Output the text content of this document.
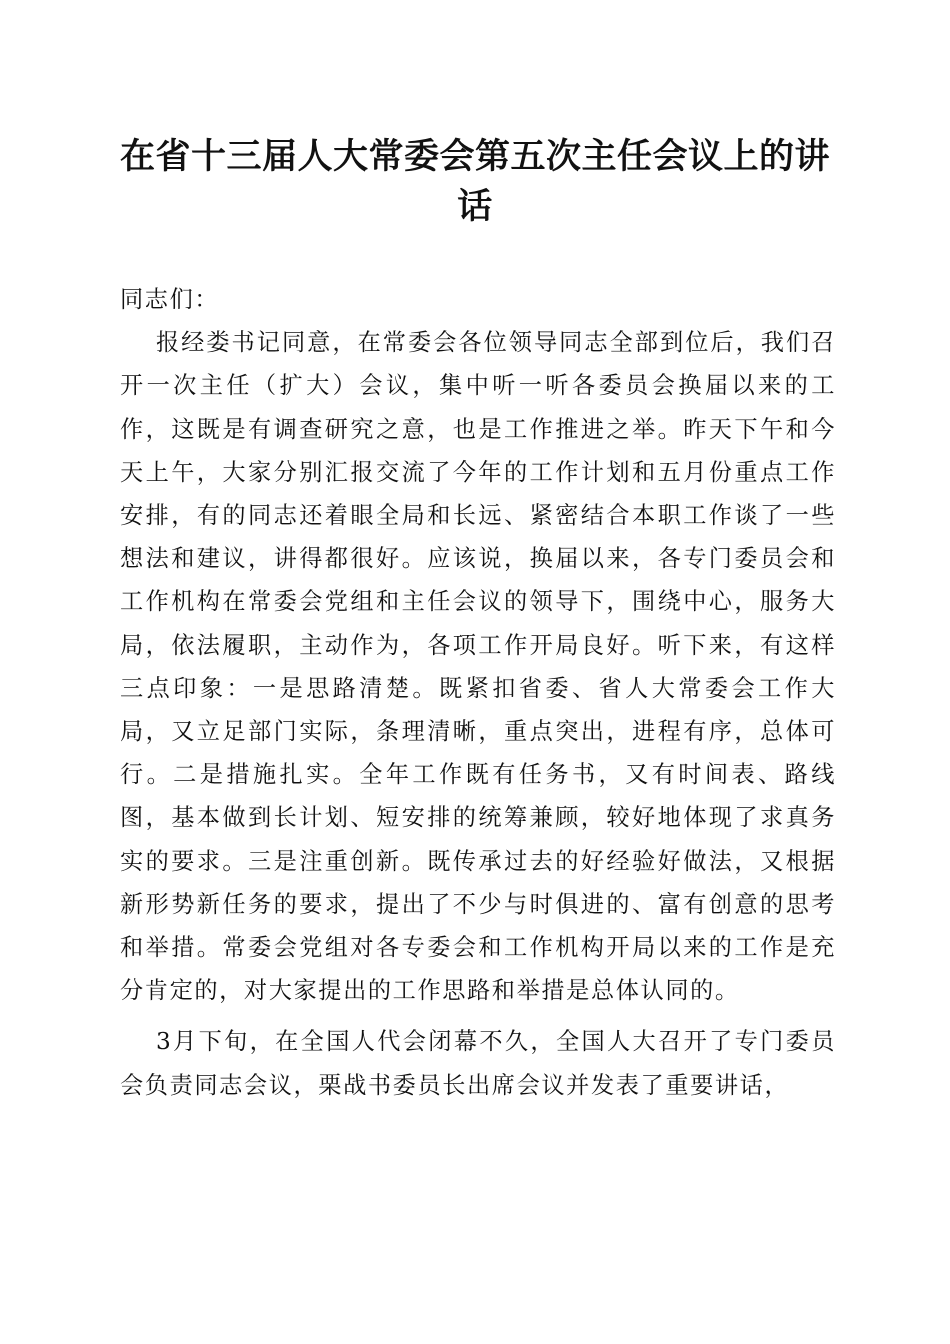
在省十三届人大常委会第五次主任会议上的讲话

同志们：

报经娄书记同意，在常委会各位领导同志全部到位后，我们召开一次主任（扩大）会议，集中听一听各委员会换届以来的工作，这既是有调查研究之意，也是工作推进之举。昨天下午和今天上午，大家分别汇报交流了今年的工作计划和五月份重点工作安排，有的同志还着眼全局和长远、紧密结合本职工作谈了一些想法和建议，讲得都很好。应该说，换届以来，各专门委员会和工作机构在常委会党组和主任会议的领导下，围绕中心，服务大局，依法履职，主动作为，各项工作开局良好。听下来，有这样三点印象：一是思路清楚。既紧扣省委、省人大常委会工作大局，又立足部门实际，条理清晰，重点突出，进程有序，总体可行。二是措施扎实。全年工作既有任务书，又有时间表、路线图，基本做到长计划、短安排的统筹兼顾，较好地体现了求真务实的要求。三是注重创新。既传承过去的好经验好做法，又根据新形势新任务的要求，提出了不少与时俱进的、富有创意的思考和举措。常委会党组对各专委会和工作机构开局以来的工作是充分肯定的，对大家提出的工作思路和举措是总体认同的。

3月下旬，在全国人代会闭幕不久，全国人大召开了专门委员会负责同志会议，栗战书委员长出席会议并发表了重要讲话，
